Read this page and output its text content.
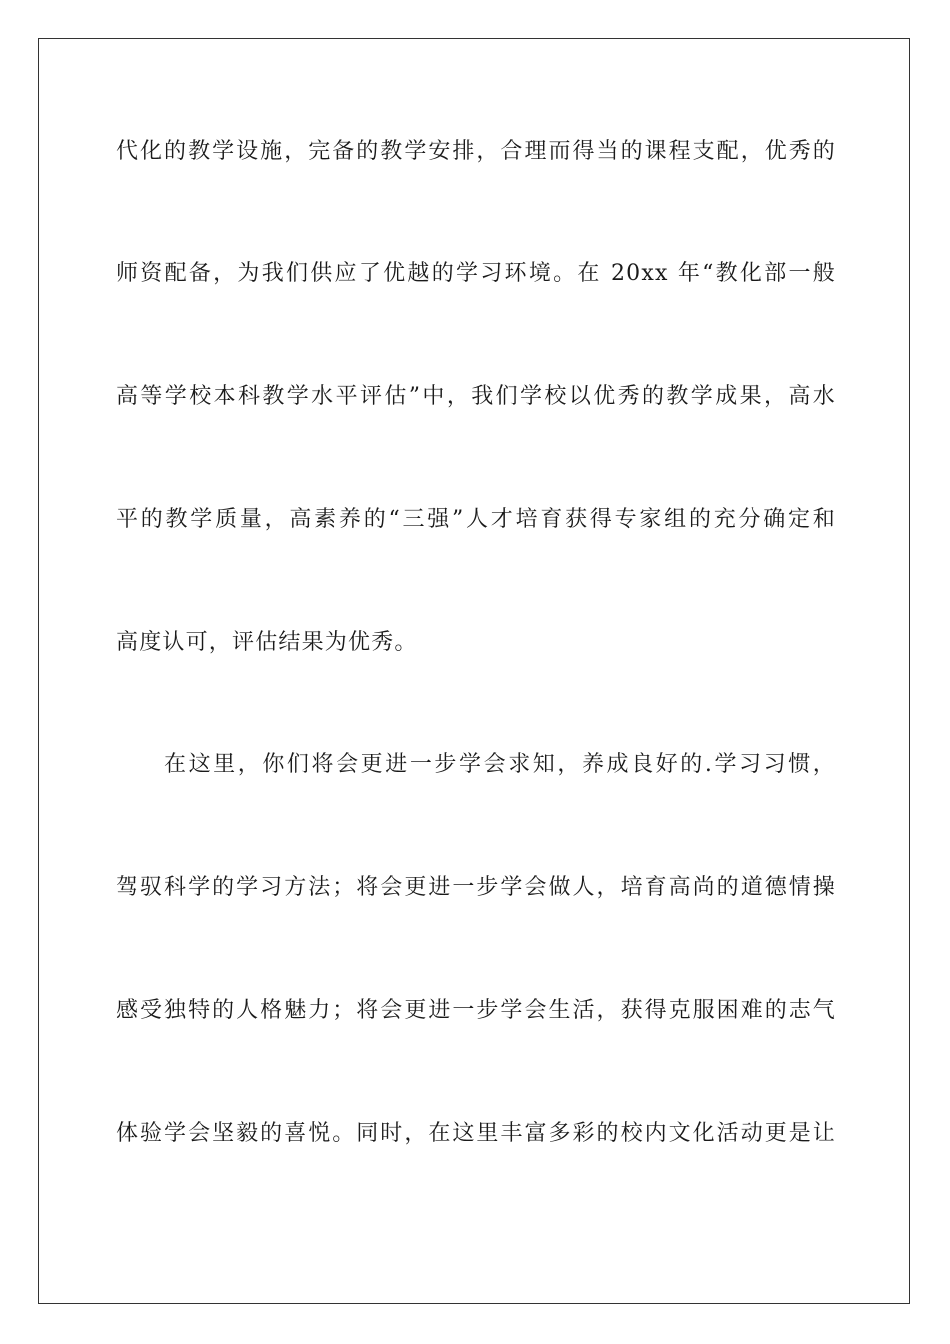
代化的教学设施，完备的教学安排，合理而得当的课程支配，优秀的
师资配备，为我们供应了优越的学习环境。在 20xx 年“教化部一般
高等学校本科教学水平评估”中，我们学校以优秀的教学成果，高水
平的教学质量，高素养的“三强”人才培育获得专家组的充分确定和
高度认可，评估结果为优秀。
在这里，你们将会更进一步学会求知，养成良好的.学习习惯，
驾驭科学的学习方法；将会更进一步学会做人，培育高尚的道德情操
感受独特的人格魅力；将会更进一步学会生活，获得克服困难的志气
体验学会坚毅的喜悦。同时，在这里丰富多彩的校内文化活动更是让
